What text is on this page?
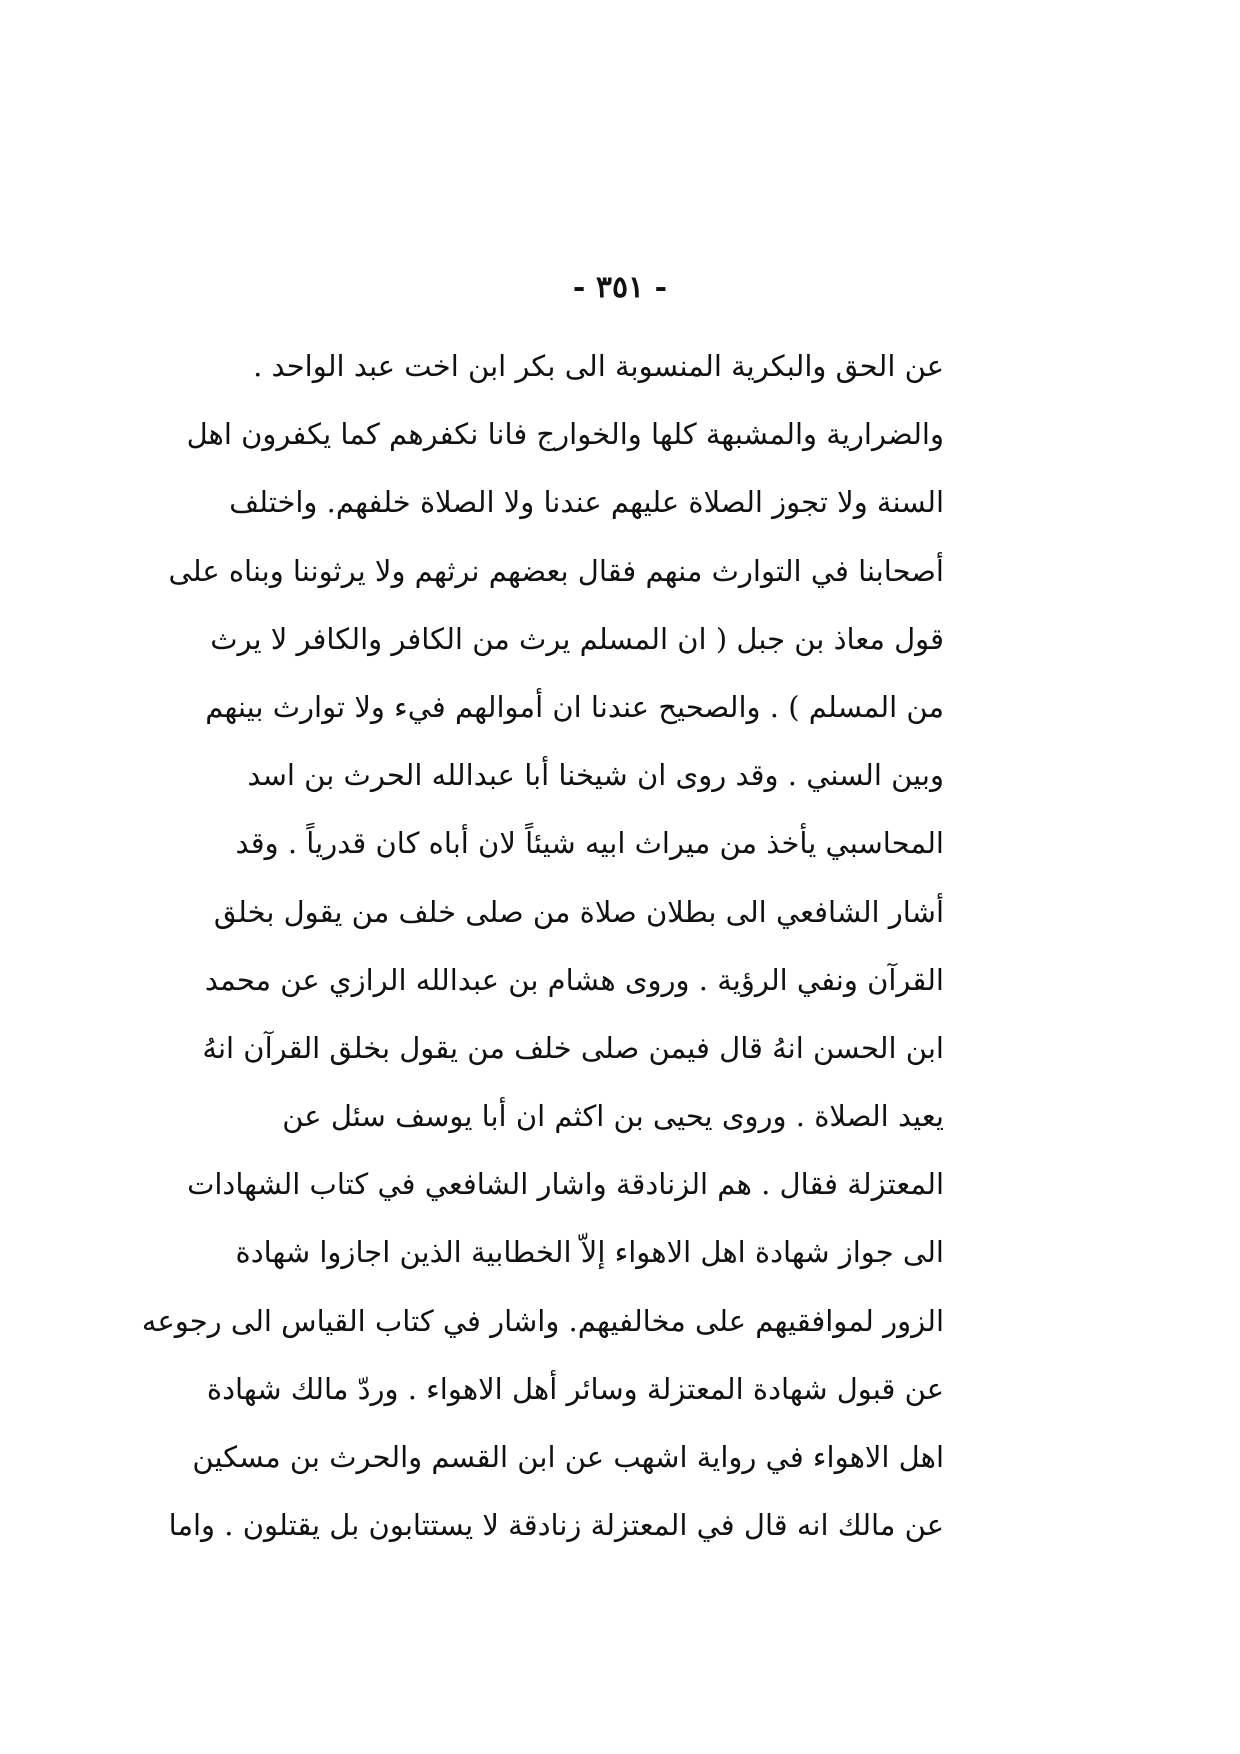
- ٣٥١ -
عن الحق والبكرية المنسوبة الى بكر ابن اخت عبد الواحد .
والضرارية والمشبهة كلها والخوارج فانا نكفرهم كما يكفرون اهل
السنة ولا تجوز الصلاة عليهم عندنا ولا الصلاة خلفهم. واختلف
أصحابنا في التوارث منهم فقال بعضهم نرثهم ولا يرثوننا وبناه على
قول معاذ بن جبل ( ان المسلم يرث من الكافر والكافر لا يرث
من المسلم ) . والصحيح عندنا ان أموالهم فيء ولا توارث بينهم
وبين السني . وقد روى ان شيخنا أبا عبدالله الحرث بن اسد
المحاسبي يأخذ من ميراث ابيه شيئاً لان أباه كان قدرياً . وقد
أشار الشافعي الى بطلان صلاة من صلى خلف من يقول بخلق
القرآن ونفي الرؤية . وروى هشام بن عبدالله الرازي عن محمد
ابن الحسن انهُ قال فيمن صلى خلف من يقول بخلق القرآن انهُ
يعيد الصلاة . وروى يحيى بن اكثم ان أبا يوسف سئل عن
المعتزلة فقال . هم الزنادقة واشار الشافعي في كتاب الشهادات
الى جواز شهادة اهل الاهواء إلاّ الخطابية الذين اجازوا شهادة
الزور لموافقيهم على مخالفيهم. واشار في كتاب القياس الى رجوعه
عن قبول شهادة المعتزلة وسائر أهل الاهواء . وردّ مالك شهادة
اهل الاهواء في رواية اشهب عن ابن القسم والحرث بن مسكين
عن مالك انه قال في المعتزلة زنادقة لا يستتابون بل يقتلون . واما
